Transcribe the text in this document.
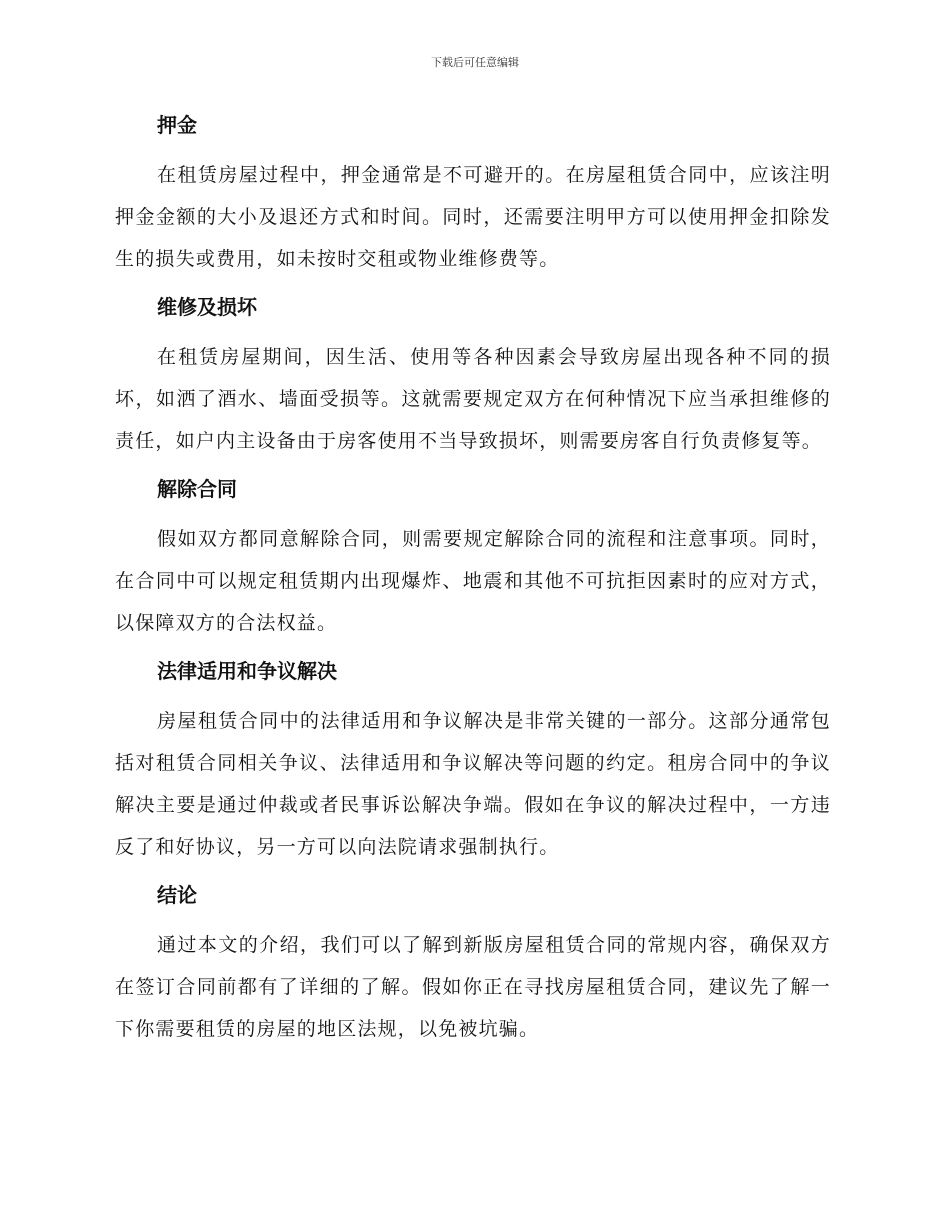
下载后可任意编辑
押金

在租赁房屋过程中，押金通常是不可避开的。在房屋租赁合同中，应该注明押金金额的大小及退还方式和时间。同时，还需要注明甲方可以使用押金扣除发生的损失或费用，如未按时交租或物业维修费等。

维修及损坏

在租赁房屋期间，因生活、使用等各种因素会导致房屋出现各种不同的损坏，如洒了酒水、墙面受损等。这就需要规定双方在何种情况下应当承担维修的责任，如户内主设备由于房客使用不当导致损坏，则需要房客自行负责修复等。

解除合同

假如双方都同意解除合同，则需要规定解除合同的流程和注意事项。同时，在合同中可以规定租赁期内出现爆炸、地震和其他不可抗拒因素时的应对方式，以保障双方的合法权益。

法律适用和争议解决

房屋租赁合同中的法律适用和争议解决是非常关键的一部分。这部分通常包括对租赁合同相关争议、法律适用和争议解决等问题的约定。租房合同中的争议解决主要是通过仲裁或者民事诉讼解决争端。假如在争议的解决过程中，一方违反了和好协议，另一方可以向法院请求强制执行。

结论

通过本文的介绍，我们可以了解到新版房屋租赁合同的常规内容，确保双方在签订合同前都有了详细的了解。假如你正在寻找房屋租赁合同，建议先了解一下你需要租赁的房屋的地区法规，以免被坑骗。
